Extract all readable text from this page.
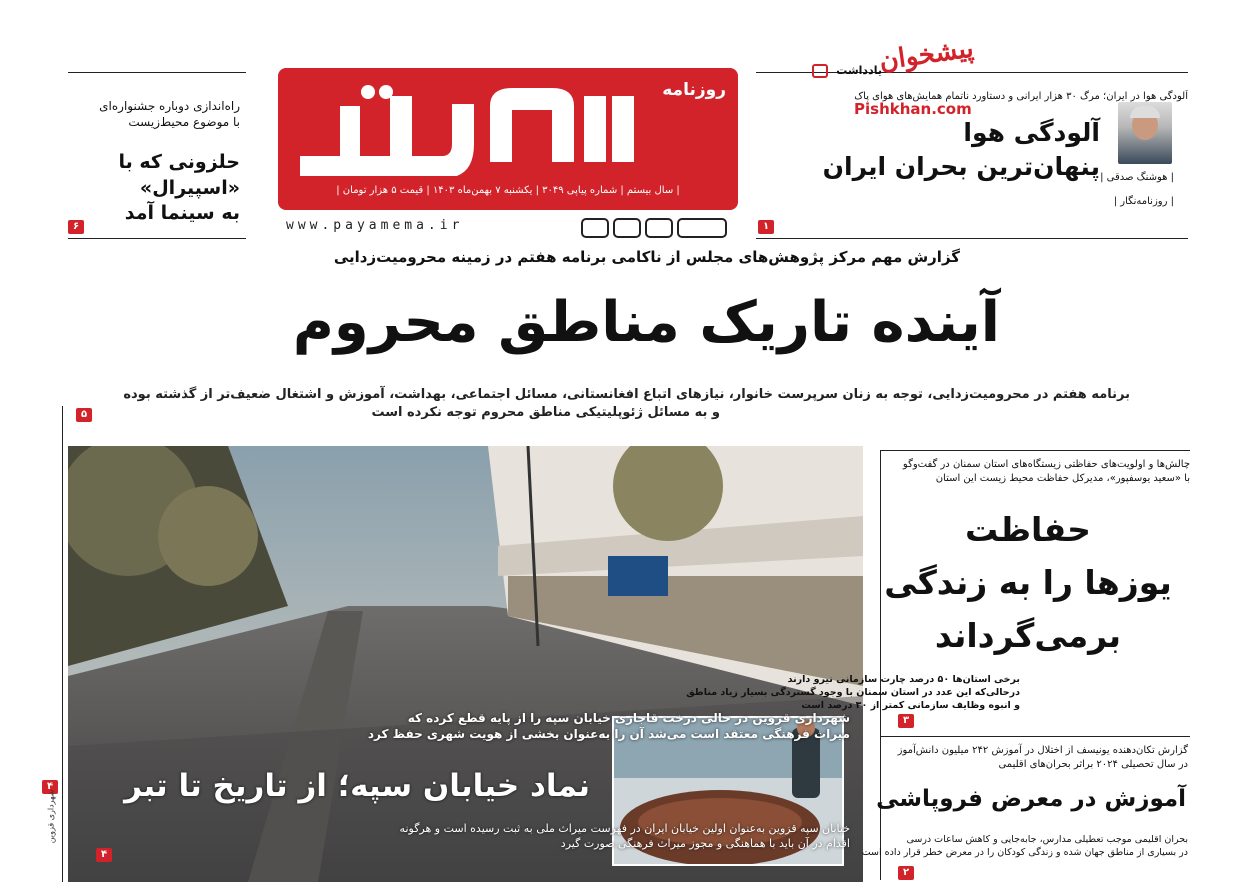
راه‌اندازی دوباره جشنواره‌ای
با موضوع محیط‌زیست
حلزونی که با «اسپیرال»
به سینما آمد
۶
روزنامه
| سال بیستم | شماره پیاپی ۳۰۴۹ | یکشنبه ۷ بهمن‌ماه ۱۴۰۳ | قیمت ۵ هزار تومان |
www.payamema.ir
پیشخوان
Pishkhan.com
یادداشت
آلودگی هوا در ایران؛ مرگ ۳۰ هزار ایرانی و دستاورد ناتمام همایش‌های هوای پاک
آلودگی هوا
پنهان‌ترین بحران ایران | هوشنگ صدقی |
| روزنامه‌نگار |
۱
گزارش مهم مرکز پژوهش‌های مجلس از ناکامی برنامه هفتم در زمینه محرومیت‌زدایی
آینده تاریک مناطق محروم
برنامه هفتم در محرومیت‌زدایی، توجه به زنان سرپرست خانوار، نیازهای اتباع افغانستانی، مسائل اجتماعی، بهداشت، آموزش و اشتغال ضعیف‌تر از گذشته بوده
و به مسائل ژئوپلیتیکی مناطق محروم توجه نکرده است
۵
شهرداری قزوین در حالی درخت قاجاری خیابان سپه را از پایه قطع کرده که
میراث فرهنگی معتقد است می‌شد آن را به‌عنوان بخشی از هویت شهری حفظ کرد
نماد خیابان سپه؛ از تاریخ تا تبر
خیابان سپه قزوین به‌عنوان اولین خیابان ایران در فهرست میراث ملی به ثبت رسیده است و هرگونه
اقدام در آن باید با هماهنگی و مجوز میراث فرهنگی صورت گیرد
۴
۴
شهرداری قزوین
چالش‌ها و اولویت‌های حفاظتی زیستگاه‌های استان سمنان در گفت‌وگو
با «سعید یوسفپور»، مدیرکل حفاظت محیط زیست این استان
حفاظت
یوزها را به زندگی
برمی‌گرداند
برخی استان‌ها ۵۰ درصد چارت سازمانی نیرو دارند
درحالی‌که این عدد در استان سمنان با وجود گستردگی بسیار زیاد مناطق
و انبوه وظایف سازمانی کمتر از ۳۰ درصد است
۳
گزارش تکان‌دهنده یونیسف از اختلال در آموزش ۲۴۲ میلیون دانش‌آموز
در سال تحصیلی ۲۰۲۴ براثر بحران‌های اقلیمی
آموزش در معرض فروپاشی
بحران اقلیمی موجب تعطیلی مدارس، جابه‌جایی و کاهش ساعات درسی
در بسیاری از مناطق جهان شده و زندگی کودکان را در معرض خطر قرار داده است
۲
